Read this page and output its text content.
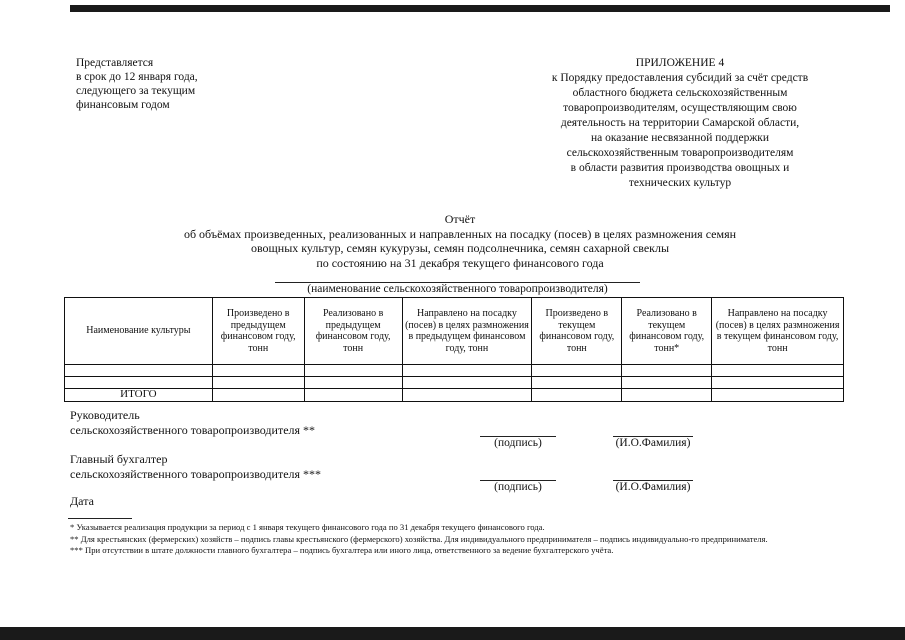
Представляется
в срок до 12 января года,
следующего за текущим
финансовым годом
ПРИЛОЖЕНИЕ 4
к Порядку предоставления субсидий за счёт средств
областного бюджета сельскохозяйственным
товаропроизводителям, осуществляющим свою
деятельность на территории Самарской области,
на оказание несвязанной поддержки
сельскохозяйственным товаропроизводителям
в области развития производства овощных и
технических культур
Отчёт
об объёмах произведенных, реализованных и направленных на посадку (посев) в целях размножения семян
овощных культур, семян кукурузы, семян подсолнечника, семян сахарной свеклы
по состоянию на 31 декабря текущего финансового года
(наименование сельскохозяйственного товаропроизводителя)
Наименование культуры	Произведено в предыдущем финансовом году, тонн	Реализовано в предыдущем финансовом году, тонн	Направлено на посадку (посев) в целях размножения в предыдущем финансовом году, тонн	Произведено в текущем финансовом году, тонн	Реализовано в текущем финансовом году, тонн*	Направлено на посадку (посев) в целях размножения в текущем финансовом году, тонн

ИТОГО						
Руководитель
сельскохозяйственного товаропроизводителя **
(подпись)	(И.О.Фамилия)
Главный бухгалтер
сельскохозяйственного товаропроизводителя ***
(подпись)	(И.О.Фамилия)
Дата
* Указывается реализация продукции за период с 1 января текущего финансового года по 31 декабря текущего финансового года.
** Для крестьянских (фермерских) хозяйств – подпись главы крестьянского (фермерского) хозяйства. Для индивидуального предпринимателя – подпись индивидуально-го предпринимателя.
*** При отсутствии в штате должности главного бухгалтера – подпись бухгалтера или иного лица, ответственного за ведение бухгалтерского учёта.
